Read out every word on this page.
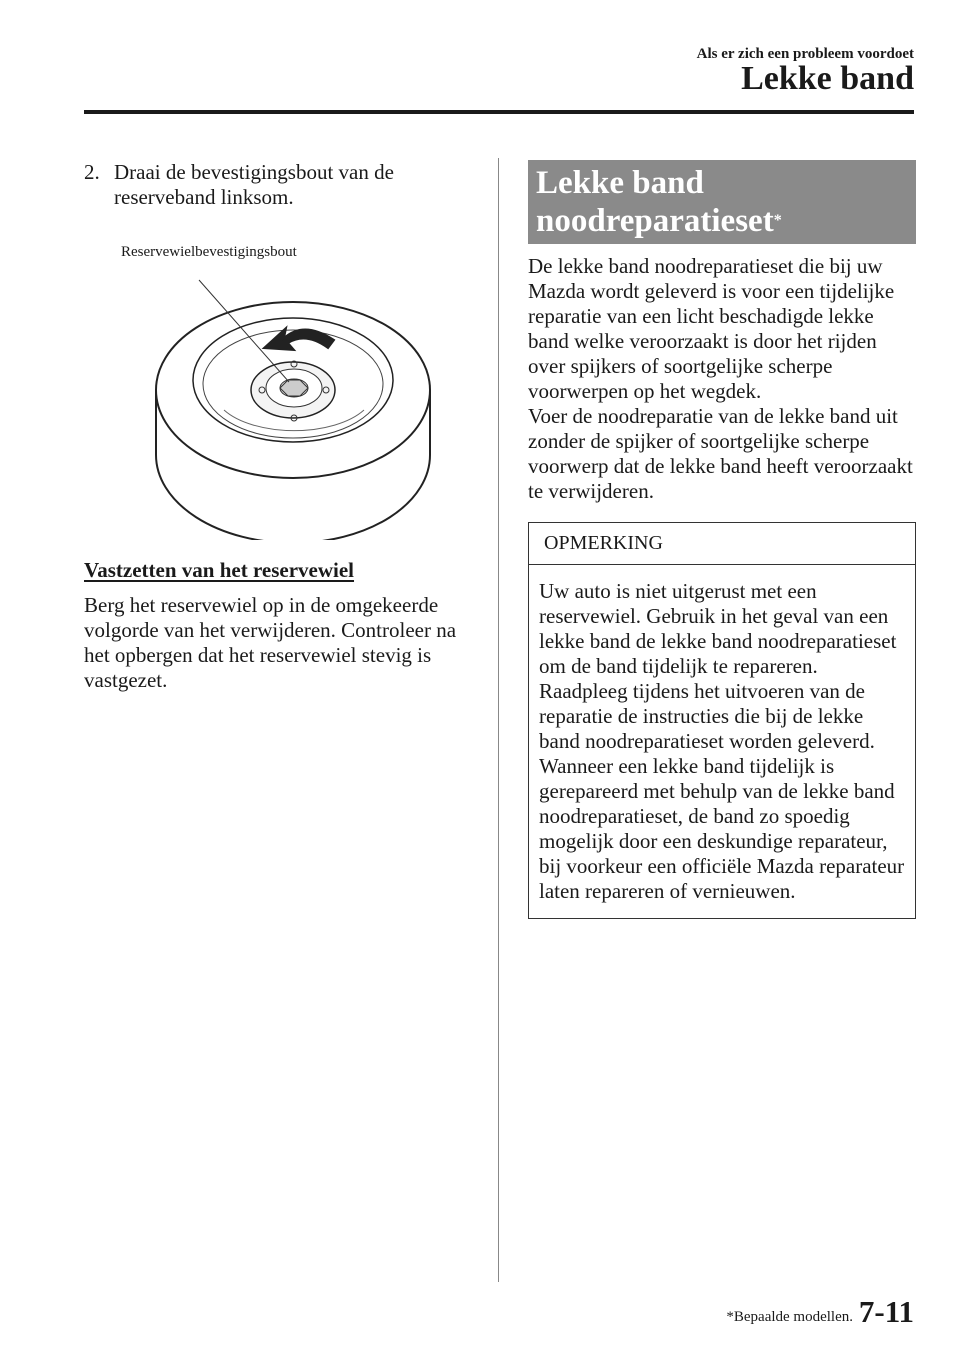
Als er zich een probleem voordoet
Lekke band
2. Draai de bevestigingsbout van de reserveband linksom.
Reservewielbevestigingsbout
Vastzetten van het reservewiel
Berg het reservewiel op in de omgekeerde volgorde van het verwijderen. Controleer na het opbergen dat het reservewiel stevig is vastgezet.
Lekke band noodreparatieset*
De lekke band noodreparatieset die bij uw Mazda wordt geleverd is voor een tijdelijke reparatie van een licht beschadigde lekke band welke veroorzaakt is door het rijden over spijkers of soortgelijke scherpe voorwerpen op het wegdek.
Voer de noodreparatie van de lekke band uit zonder de spijker of soortgelijke scherpe voorwerp dat de lekke band heeft veroorzaakt te verwijderen.
OPMERKING
Uw auto is niet uitgerust met een reservewiel. Gebruik in het geval van een lekke band de lekke band noodreparatieset om de band tijdelijk te repareren. Raadpleeg tijdens het uitvoeren van de reparatie de instructies die bij de lekke band noodreparatieset worden geleverd. Wanneer een lekke band tijdelijk is gerepareerd met behulp van de lekke band noodreparatieset, de band zo spoedig mogelijk door een deskundige reparateur, bij voorkeur een officiële Mazda reparateur laten repareren of vernieuwen.
*Bepaalde modellen. 7-11
